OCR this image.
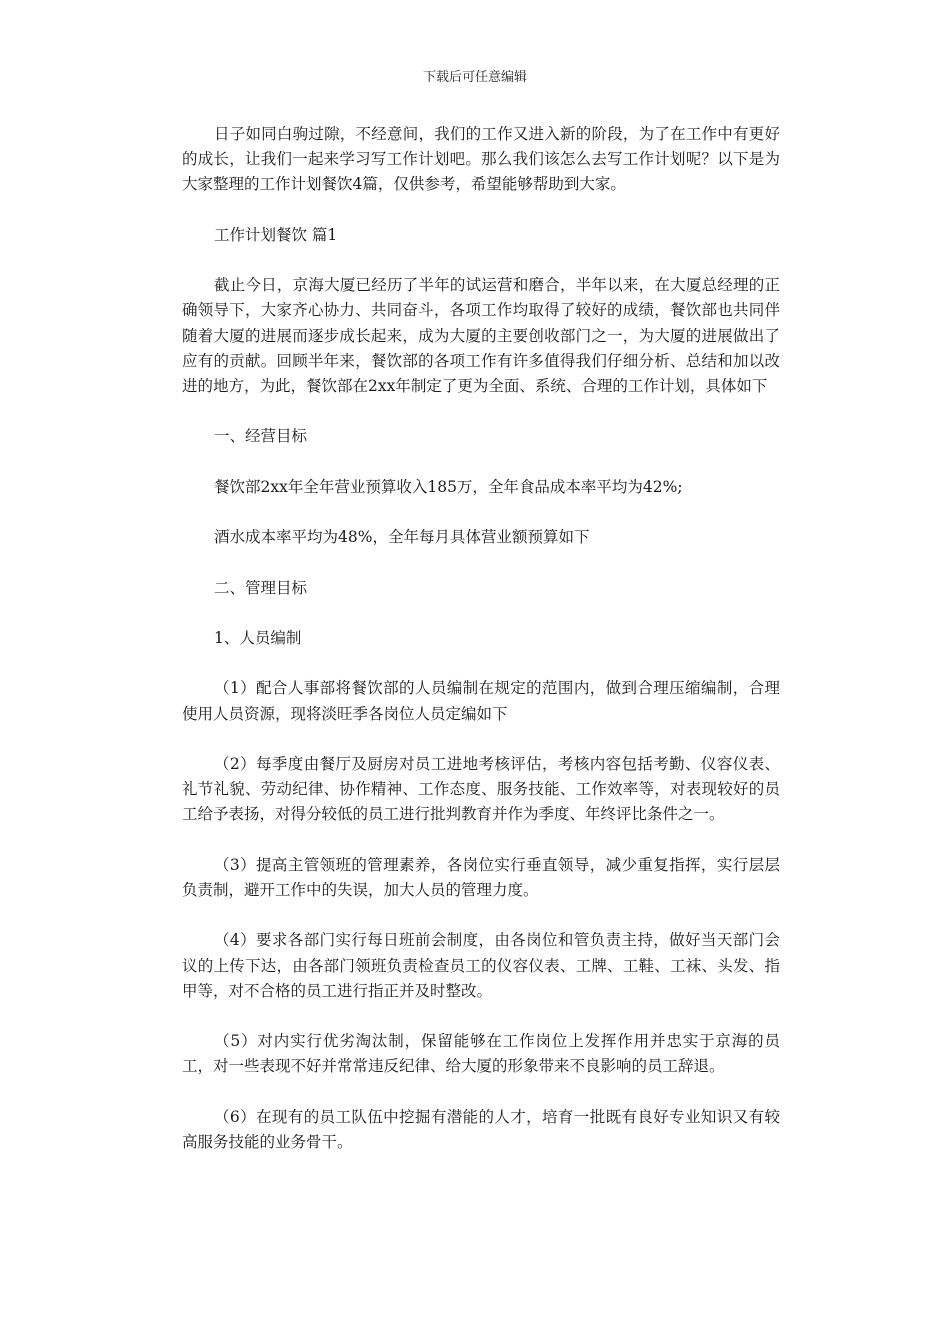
下载后可任意编辑

日子如同白驹过隙，不经意间，我们的工作又进入新的阶段，为了在工作中有更好的成长，让我们一起来学习写工作计划吧。那么我们该怎么去写工作计划呢？以下是为大家整理的工作计划餐饮4篇，仅供参考，希望能够帮助到大家。

工作计划餐饮 篇1

截止今日，京海大厦已经历了半年的试运营和磨合，半年以来，在大厦总经理的正确领导下，大家齐心协力、共同奋斗，各项工作均取得了较好的成绩，餐饮部也共同伴随着大厦的进展而逐步成长起来，成为大厦的主要创收部门之一，为大厦的进展做出了应有的贡献。回顾半年来，餐饮部的各项工作有许多值得我们仔细分析、总结和加以改进的地方，为此，餐饮部在2xx年制定了更为全面、系统、合理的工作计划，具体如下

一、经营目标

餐饮部2xx年全年营业预算收入185万，全年食品成本率平均为42%;

酒水成本率平均为48%，全年每月具体营业额预算如下

二、管理目标

1、人员编制

（1）配合人事部将餐饮部的人员编制在规定的范围内，做到合理压缩编制，合理使用人员资源，现将淡旺季各岗位人员定编如下

（2）每季度由餐厅及厨房对员工进地考核评估，考核内容包括考勤、仪容仪表、礼节礼貌、劳动纪律、协作精神、工作态度、服务技能、工作效率等，对表现较好的员工给予表扬，对得分较低的员工进行批判教育并作为季度、年终评比条件之一。

（3）提高主管领班的管理素养，各岗位实行垂直领导，减少重复指挥，实行层层负责制，避开工作中的失误，加大人员的管理力度。

（4）要求各部门实行每日班前会制度，由各岗位和管负责主持，做好当天部门会议的上传下达，由各部门领班负责检查员工的仪容仪表、工牌、工鞋、工袜、头发、指甲等，对不合格的员工进行指正并及时整改。

（5）对内实行优劣淘汰制，保留能够在工作岗位上发挥作用并忠实于京海的员工，对一些表现不好并常常违反纪律、给大厦的形象带来不良影响的员工辞退。

（6）在现有的员工队伍中挖掘有潜能的人才，培育一批既有良好专业知识又有较高服务技能的业务骨干。
